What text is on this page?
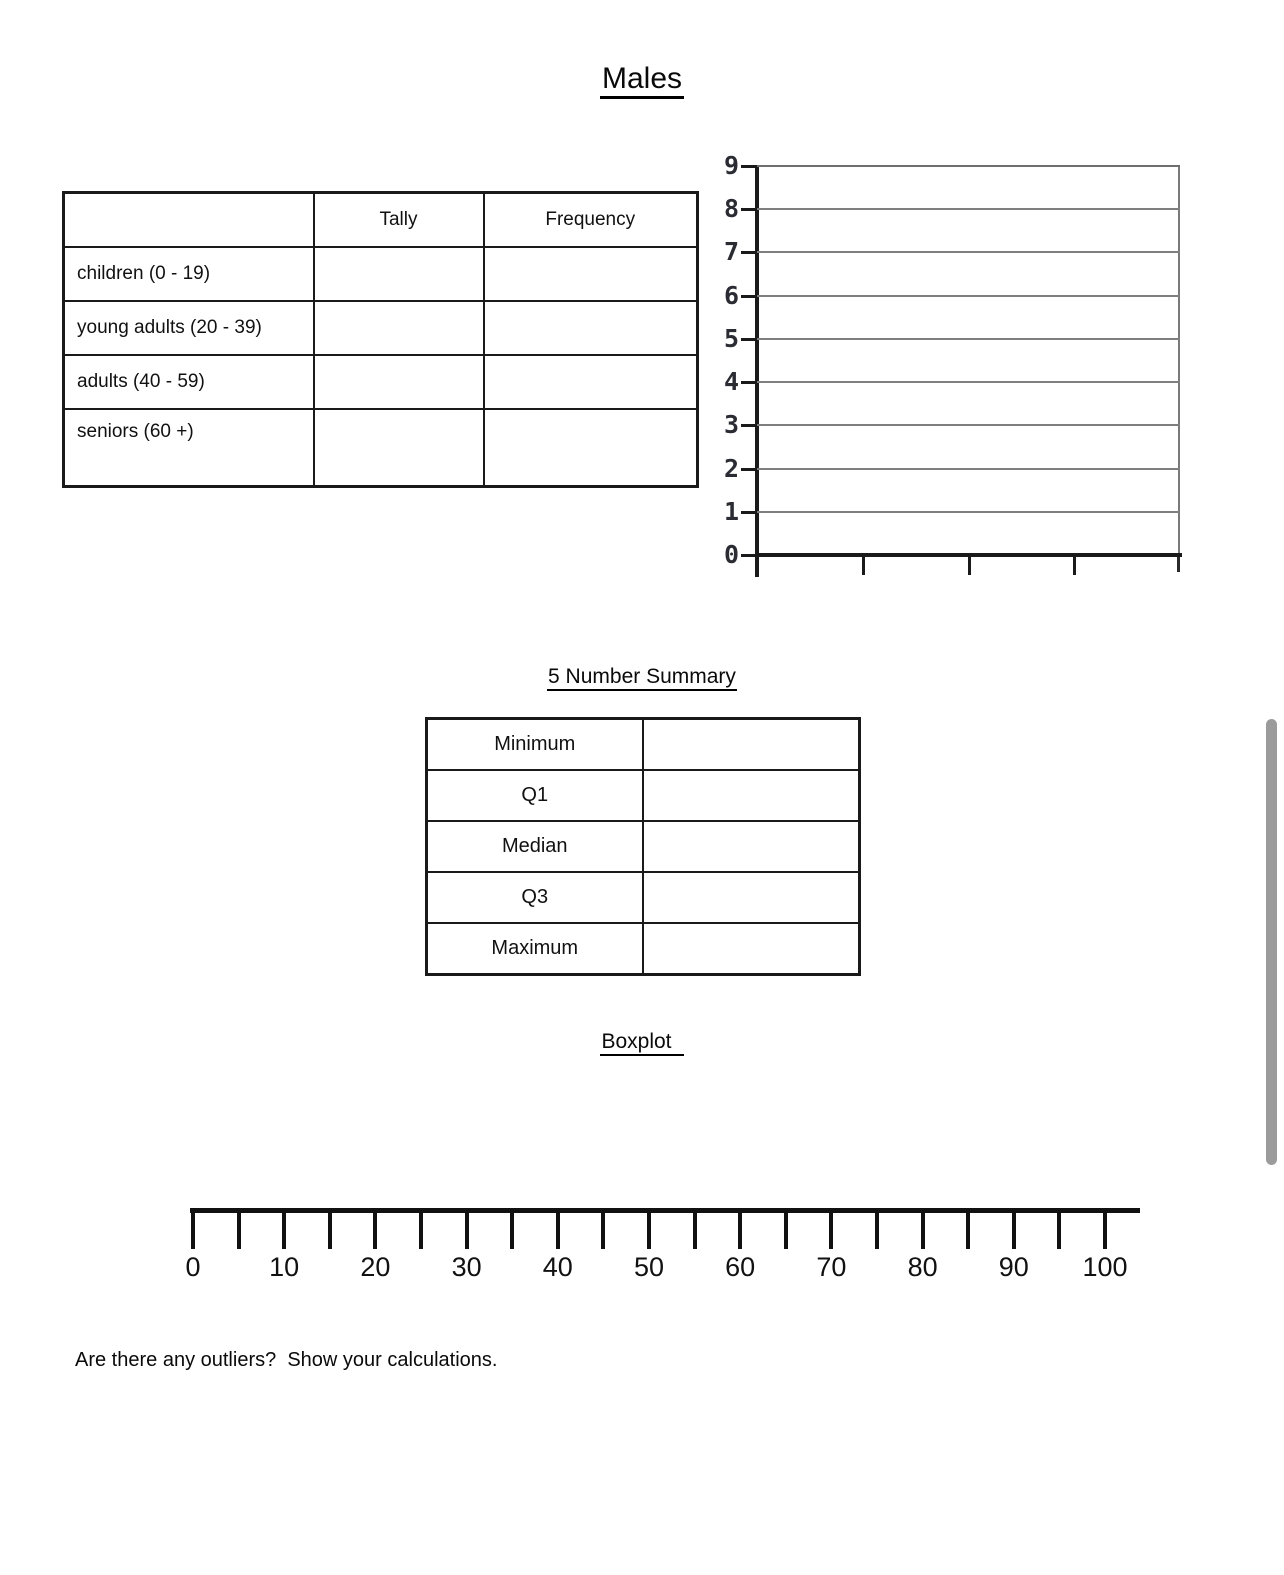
Males
	Tally	Frequency
children (0 - 19)		
young adults (20 - 39)		
adults (40 - 59)		
seniors (60 +)		
9
8
7
6
5
4
3
2
1
0
5 Number Summary
Minimum	
Q1	
Median	
Q3	
Maximum	
Boxplot
0	10	20	30	40	50	60	70	80	90	100
Are there any outliers?  Show your calculations.
